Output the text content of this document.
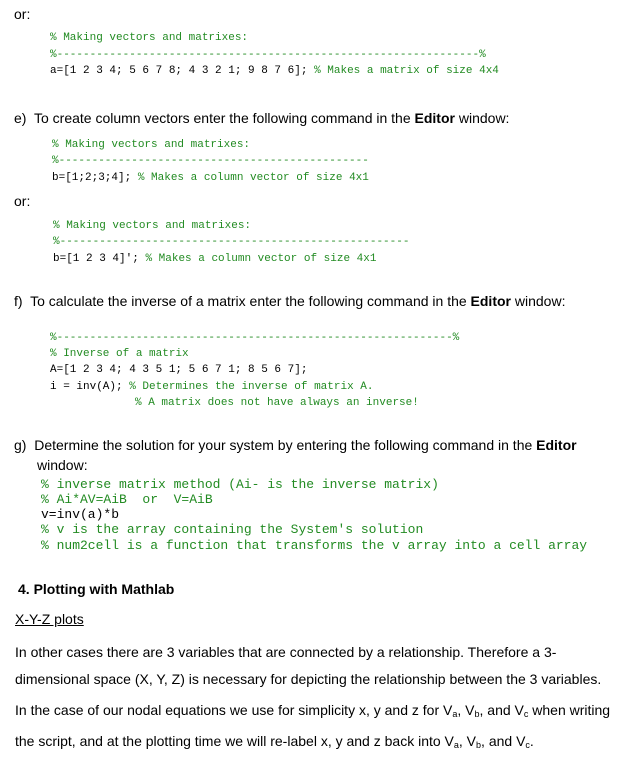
or:
% Making vectors and matrixes:
%----------------------------------------------------------------%
a=[1 2 3 4; 5 6 7 8; 4 3 2 1; 9 8 7 6]; % Makes a matrix of size 4x4
e) To create column vectors enter the following command in the Editor window:
% Making vectors and matrixes:
%-----------------------------------------------
b=[1;2;3;4]; % Makes a column vector of size 4x1
or:
% Making vectors and matrixes:
%-----------------------------------------------------
b=[1 2 3 4]'; % Makes a column vector of size 4x1
f) To calculate the inverse of a matrix enter the following command in the Editor window:
%------------------------------------------------------------%
% Inverse of a matrix
A=[1 2 3 4; 4 3 5 1; 5 6 7 1; 8 5 6 7];
i = inv(A); % Determines the inverse of matrix A.
% A matrix does not have always an inverse!
g) Determine the solution for your system by entering the following command in the Editor
window:
% inverse matrix method (Ai- is the inverse matrix)
% Ai*AV=AiB  or  V=AiB
v=inv(a)*b
% v is the array containing the System's solution
% num2cell is a function that transforms the v array into a cell array
4. Plotting with Mathlab
X-Y-Z plots
In other cases there are 3 variables that are connected by a relationship. Therefore a 3-dimensional space (X, Y, Z) is necessary for depicting the relationship between the 3 variables.
In the case of our nodal equations we use for simplicity x, y and z for $V_a$, $V_b$, and $V_c$ when writing the script, and at the plotting time we will re-label x, y and z back into $V_a$, $V_b$, and $V_c$.
